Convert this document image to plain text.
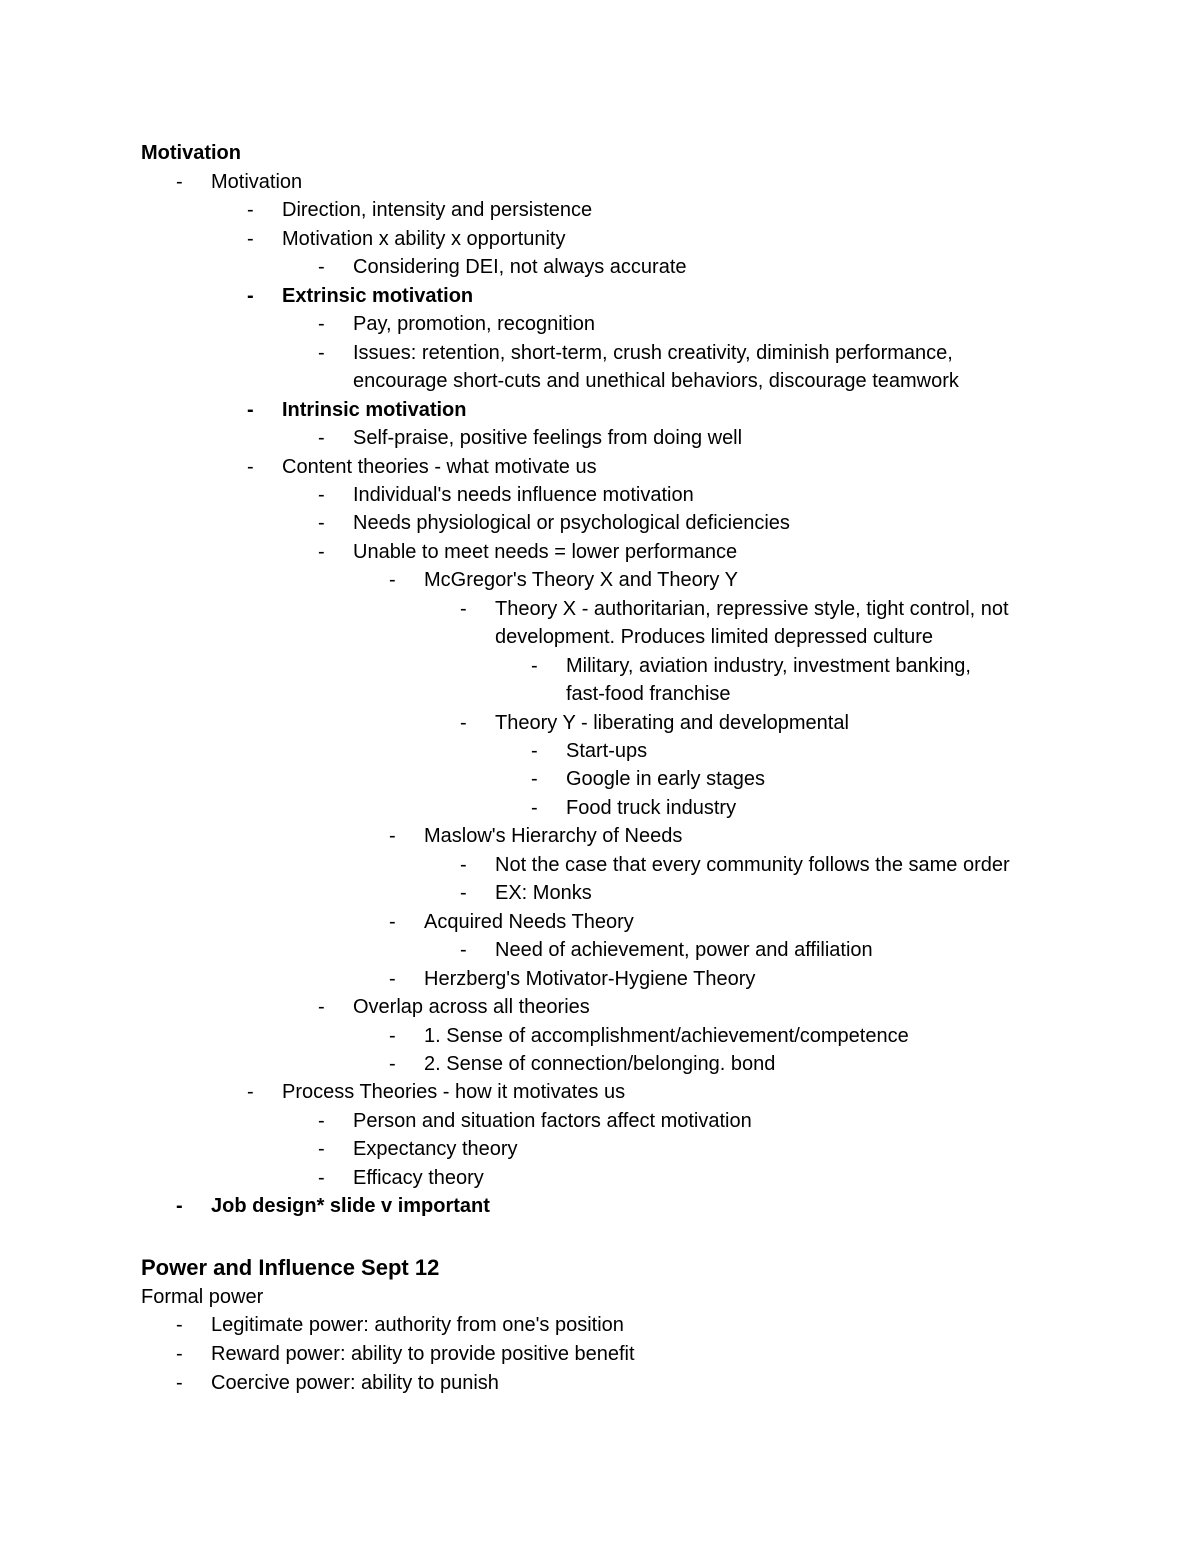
Motivation
- Motivation
- Direction, intensity and persistence
- Motivation x ability x opportunity
- Considering DEI, not always accurate
- Extrinsic motivation
- Pay, promotion, recognition
- Issues: retention, short-term, crush creativity, diminish performance,
encourage short-cuts and unethical behaviors, discourage teamwork
- Intrinsic motivation
- Self-praise, positive feelings from doing well
- Content theories - what motivate us
- Individual's needs influence motivation
- Needs physiological or psychological deficiencies
- Unable to meet needs = lower performance
- McGregor's Theory X and Theory Y
- Theory X - authoritarian, repressive style, tight control, not
development. Produces limited depressed culture
- Military, aviation industry, investment banking,
fast-food franchise
- Theory Y - liberating and developmental
- Start-ups
- Google in early stages
- Food truck industry
- Maslow's Hierarchy of Needs
- Not the case that every community follows the same order
- EX: Monks
- Acquired Needs Theory
- Need of achievement, power and affiliation
- Herzberg's Motivator-Hygiene Theory
- Overlap across all theories
- 1. Sense of accomplishment/achievement/competence
- 2. Sense of connection/belonging. bond
- Process Theories - how it motivates us
- Person and situation factors affect motivation
- Expectancy theory
- Efficacy theory
- Job design* slide v important
Power and Influence Sept 12
Formal power
- Legitimate power: authority from one's position
- Reward power: ability to provide positive benefit
- Coercive power: ability to punish
